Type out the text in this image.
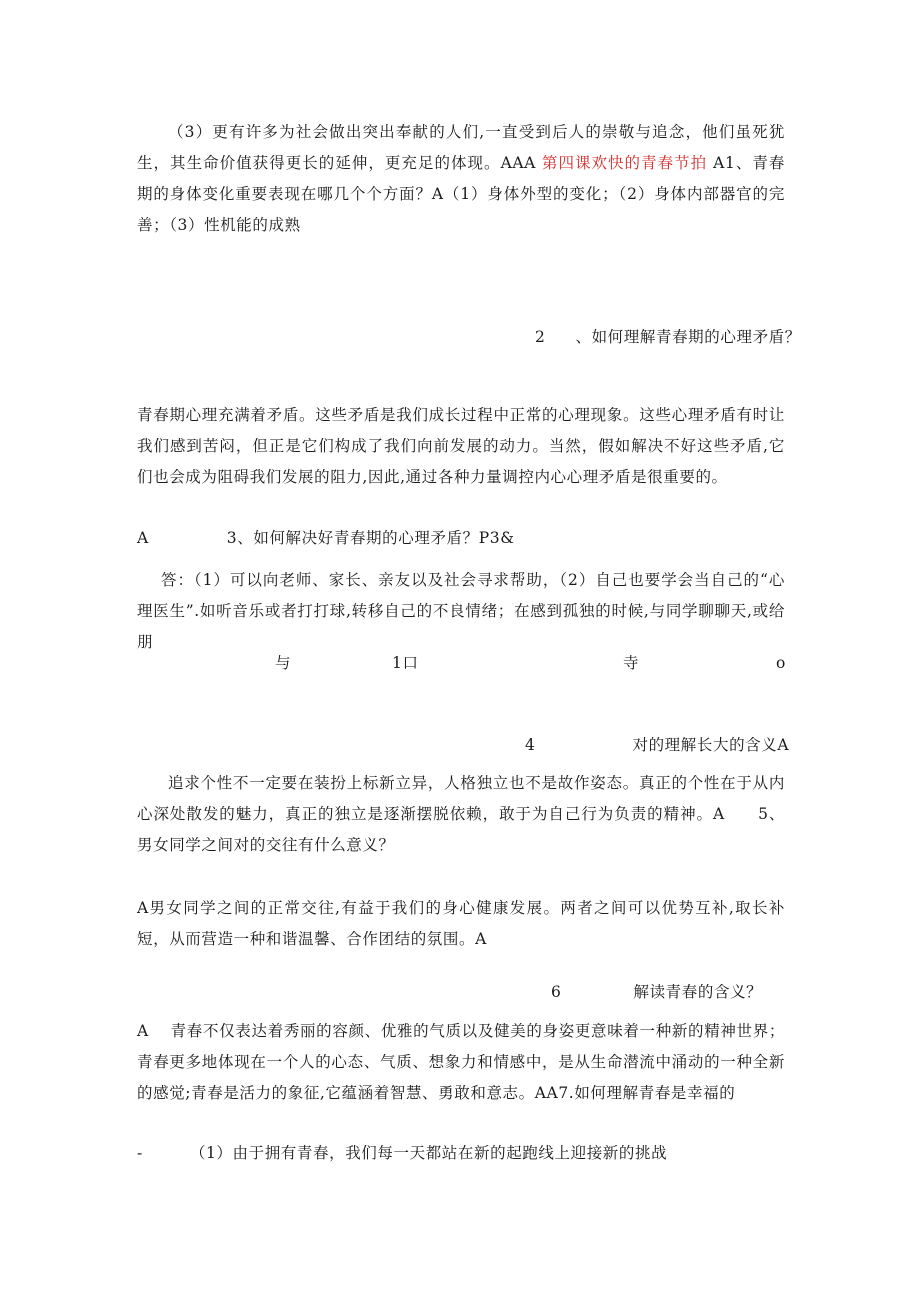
（3）更有许多为社会做出突出奉献的人们,一直受到后人的崇敬与追念，他们虽死犹生，其生命价值获得更长的延伸，更充足的体现。AAA 第四课欢快的青春节拍 A1、青春期的身体变化重要表现在哪几个个方面？A（1）身体外型的变化；（2）身体内部器官的完善；（3）性机能的成熟

2 、如何理解青春期的心理矛盾？

青春期心理充满着矛盾。这些矛盾是我们成长过程中正常的心理现象。这些心理矛盾有时让我们感到苦闷，但正是它们构成了我们向前发展的动力。当然，假如解决不好这些矛盾,它们也会成为阻碍我们发展的阻力,因此,通过各种力量调控内心心理矛盾是很重要的。

A	3、如何解决好青春期的心理矛盾？P3&

答：（1）可以向老师、家长、亲友以及社会寻求帮助，（2）自己也要学会当自己的“心理医生”.如听音乐或者打打球,转移自己的不良情绪；在感到孤独的时候,与同学聊聊天,或给朋

与	1口	寺	o
4	对的理解长大的含义A

追求个性不一定要在装扮上标新立异，人格独立也不是故作姿态。真正的个性在于从内心深处散发的魅力，真正的独立是逐渐摆脱依赖，敢于为自己行为负责的精神。A　　5、男女同学之间对的交往有什么意义？

A男女同学之间的正常交往,有益于我们的身心健康发展。两者之间可以优势互补,取长补短，从而营造一种和谐温馨、合作团结的氛围。A

6	解读青春的含义？

A　 青春不仅表达着秀丽的容颜、优雅的气质以及健美的身姿更意味着一种新的精神世界；青春更多地体现在一个人的心态、气质、想象力和情感中，是从生命潜流中涌动的一种全新的感觉;青春是活力的象征,它蕴涵着智慧、勇敢和意志。AA7.如何理解青春是幸福的

-	（1）由于拥有青春，我们每一天都站在新的起跑线上迎接新的挑战
